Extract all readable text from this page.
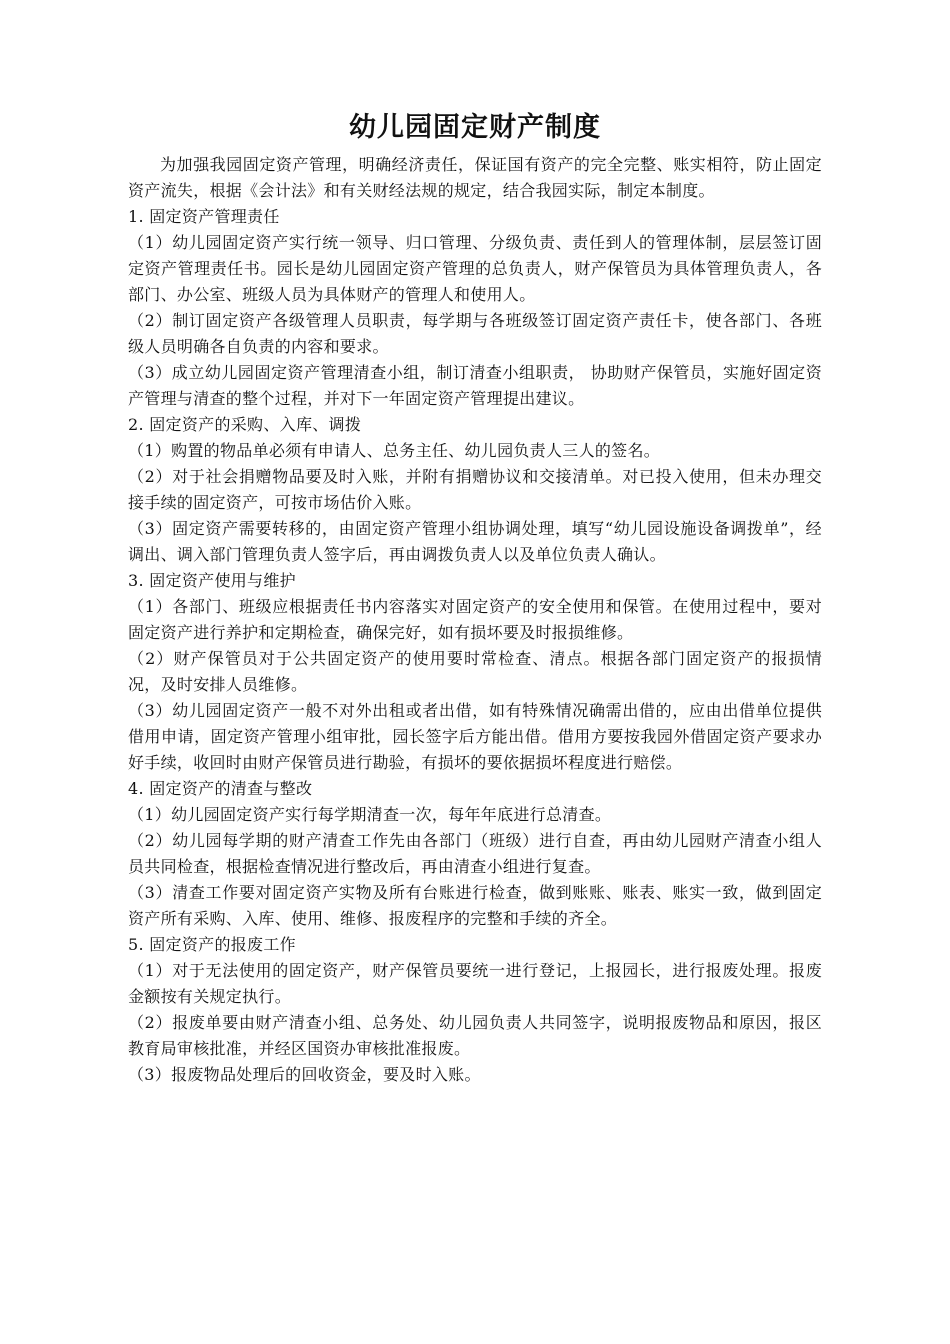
幼儿园固定财产制度

为加强我园固定资产管理，明确经济责任，保证国有资产的完全完整、账实相符，防止固定资产流失，根据《会计法》和有关财经法规的规定，结合我园实际，制定本制度。

1. 固定资产管理责任

（1）幼儿园固定资产实行统一领导、归口管理、分级负责、责任到人的管理体制，层层签订固定资产管理责任书。园长是幼儿园固定资产管理的总负责人，财产保管员为具体管理负责人，各部门、办公室、班级人员为具体财产的管理人和使用人。

（2）制订固定资产各级管理人员职责，每学期与各班级签订固定资产责任卡，使各部门、各班级人员明确各自负责的内容和要求。

（3）成立幼儿园固定资产管理清查小组，制订清查小组职责， 协助财产保管员，实施好固定资产管理与清查的整个过程，并对下一年固定资产管理提出建议。

2. 固定资产的采购、入库、调拨

（1）购置的物品单必须有申请人、总务主任、幼儿园负责人三人的签名。

（2）对于社会捐赠物品要及时入账，并附有捐赠协议和交接清单。对已投入使用，但未办理交接手续的固定资产，可按市场估价入账。

（3）固定资产需要转移的，由固定资产管理小组协调处理，填写“幼儿园设施设备调拨单”，经调出、调入部门管理负责人签字后，再由调拨负责人以及单位负责人确认。

3. 固定资产使用与维护

（1）各部门、班级应根据责任书内容落实对固定资产的安全使用和保管。在使用过程中，要对固定资产进行养护和定期检查，确保完好，如有损坏要及时报损维修。

（2）财产保管员对于公共固定资产的使用要时常检查、清点。根据各部门固定资产的报损情况，及时安排人员维修。

（3）幼儿园固定资产一般不对外出租或者出借，如有特殊情况确需出借的，应由出借单位提供借用申请，固定资产管理小组审批，园长签字后方能出借。借用方要按我园外借固定资产要求办好手续，收回时由财产保管员进行勘验，有损坏的要依据损坏程度进行赔偿。

4. 固定资产的清查与整改

（1）幼儿园固定资产实行每学期清查一次，每年年底进行总清查。

（2）幼儿园每学期的财产清查工作先由各部门（班级）进行自查，再由幼儿园财产清查小组人员共同检查，根据检查情况进行整改后，再由清查小组进行复查。

（3）清查工作要对固定资产实物及所有台账进行检查，做到账账、账表、账实一致，做到固定资产所有采购、入库、使用、维修、报废程序的完整和手续的齐全。

5. 固定资产的报废工作

（1）对于无法使用的固定资产，财产保管员要统一进行登记，上报园长，进行报废处理。报废金额按有关规定执行。

（2）报废单要由财产清查小组、总务处、幼儿园负责人共同签字，说明报废物品和原因，报区教育局审核批准，并经区国资办审核批准报废。

（3）报废物品处理后的回收资金，要及时入账。
